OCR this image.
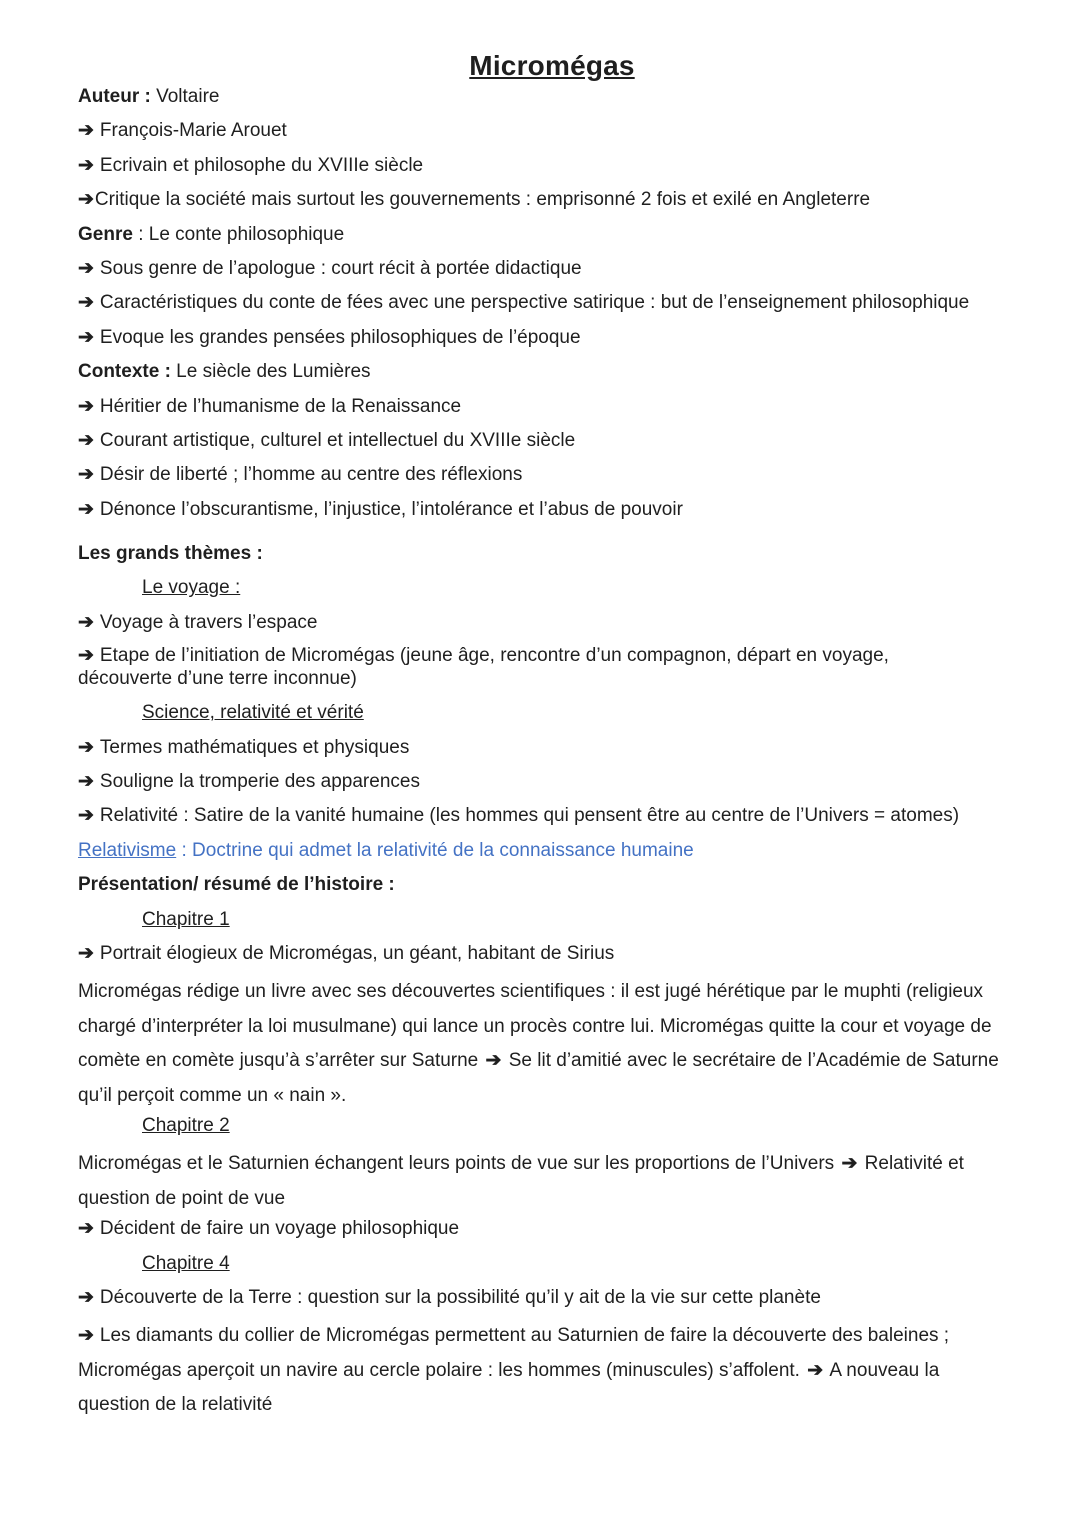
Micromégas
Auteur : Voltaire
➔ François-Marie Arouet
➔ Ecrivain et philosophe du XVIIIe siècle
➔Critique la société mais surtout les gouvernements : emprisonné 2 fois et exilé en Angleterre
Genre : Le conte philosophique
➔ Sous genre de l’apologue : court récit à portée didactique
➔ Caractéristiques du conte de fées avec une perspective satirique : but de l’enseignement philosophique
➔ Evoque les grandes pensées philosophiques de l’époque
Contexte : Le siècle des Lumières
➔ Héritier de l’humanisme de la Renaissance
➔ Courant artistique, culturel et intellectuel du XVIIIe siècle
➔ Désir de liberté ; l’homme au centre des réflexions
➔ Dénonce l’obscurantisme, l’injustice, l’intolérance et l’abus de pouvoir
Les grands thèmes :
Le voyage :
➔ Voyage à travers l’espace
➔ Etape de l’initiation de Micromégas (jeune âge, rencontre d’un compagnon, départ en voyage, découverte d’une terre inconnue)
Science, relativité et vérité
➔ Termes mathématiques et physiques
➔ Souligne la tromperie des apparences
➔ Relativité : Satire de la vanité humaine (les hommes qui pensent être au centre de l’Univers = atomes)
Relativisme : Doctrine qui admet la relativité de la connaissance humaine
Présentation/ résumé de l’histoire :
Chapitre 1
➔ Portrait élogieux de Micromégas, un géant, habitant de Sirius
Micromégas rédige un livre avec ses découvertes scientifiques : il est jugé hérétique par le muphti (religieux chargé d’interpréter la loi musulmane) qui lance un procès contre lui. Micromégas quitte la cour et voyage de comète en comète jusqu’à s’arrêter sur Saturne ➔ Se lit d’amitié avec le secrétaire de l’Académie de Saturne qu’il perçoit comme un « nain ».
Chapitre 2
Micromégas et le Saturnien échangent leurs points de vue sur les proportions de l’Univers ➔ Relativité et question de point de vue
➔ Décident de faire un voyage philosophique
Chapitre 4
➔ Découverte de la Terre : question sur la possibilité qu’il y ait de la vie sur cette planète
➔ Les diamants du collier de Micromégas permettent au Saturnien de faire la découverte des baleines ; Micromégas aperçoit un navire au cercle polaire : les hommes (minuscules) s’affolent. ➔ A nouveau la question de la relativité
